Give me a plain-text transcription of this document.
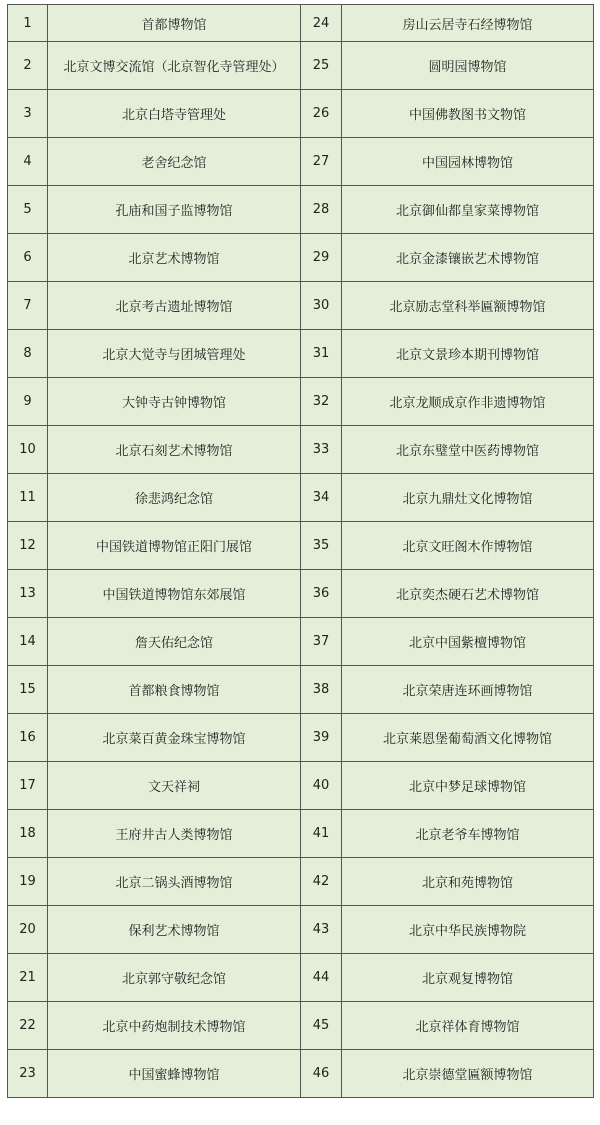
1	首都博物馆	24	房山云居寺石经博物馆
2	北京文博交流馆（北京智化寺管理处）	25	圆明园博物馆
3	北京白塔寺管理处	26	中国佛教图书文物馆
4	老舍纪念馆	27	中国园林博物馆
5	孔庙和国子监博物馆	28	北京御仙都皇家菜博物馆
6	北京艺术博物馆	29	北京金漆镶嵌艺术博物馆
7	北京考古遗址博物馆	30	北京励志堂科举匾额博物馆
8	北京大觉寺与团城管理处	31	北京文景珍本期刊博物馆
9	大钟寺古钟博物馆	32	北京龙顺成京作非遗博物馆
10	北京石刻艺术博物馆	33	北京东璧堂中医药博物馆
11	徐悲鸿纪念馆	34	北京九鼎灶文化博物馆
12	中国铁道博物馆正阳门展馆	35	北京文旺阁木作博物馆
13	中国铁道博物馆东郊展馆	36	北京奕杰硬石艺术博物馆
14	詹天佑纪念馆	37	北京中国紫檀博物馆
15	首都粮食博物馆	38	北京荣唐连环画博物馆
16	北京菜百黄金珠宝博物馆	39	北京莱恩堡葡萄酒文化博物馆
17	文天祥祠	40	北京中梦足球博物馆
18	王府井古人类博物馆	41	北京老爷车博物馆
19	北京二锅头酒博物馆	42	北京和苑博物馆
20	保利艺术博物馆	43	北京中华民族博物院
21	北京郭守敬纪念馆	44	北京观复博物馆
22	北京中药炮制技术博物馆	45	北京祥体育博物馆
23	中国蜜蜂博物馆	46	北京崇德堂匾额博物馆
